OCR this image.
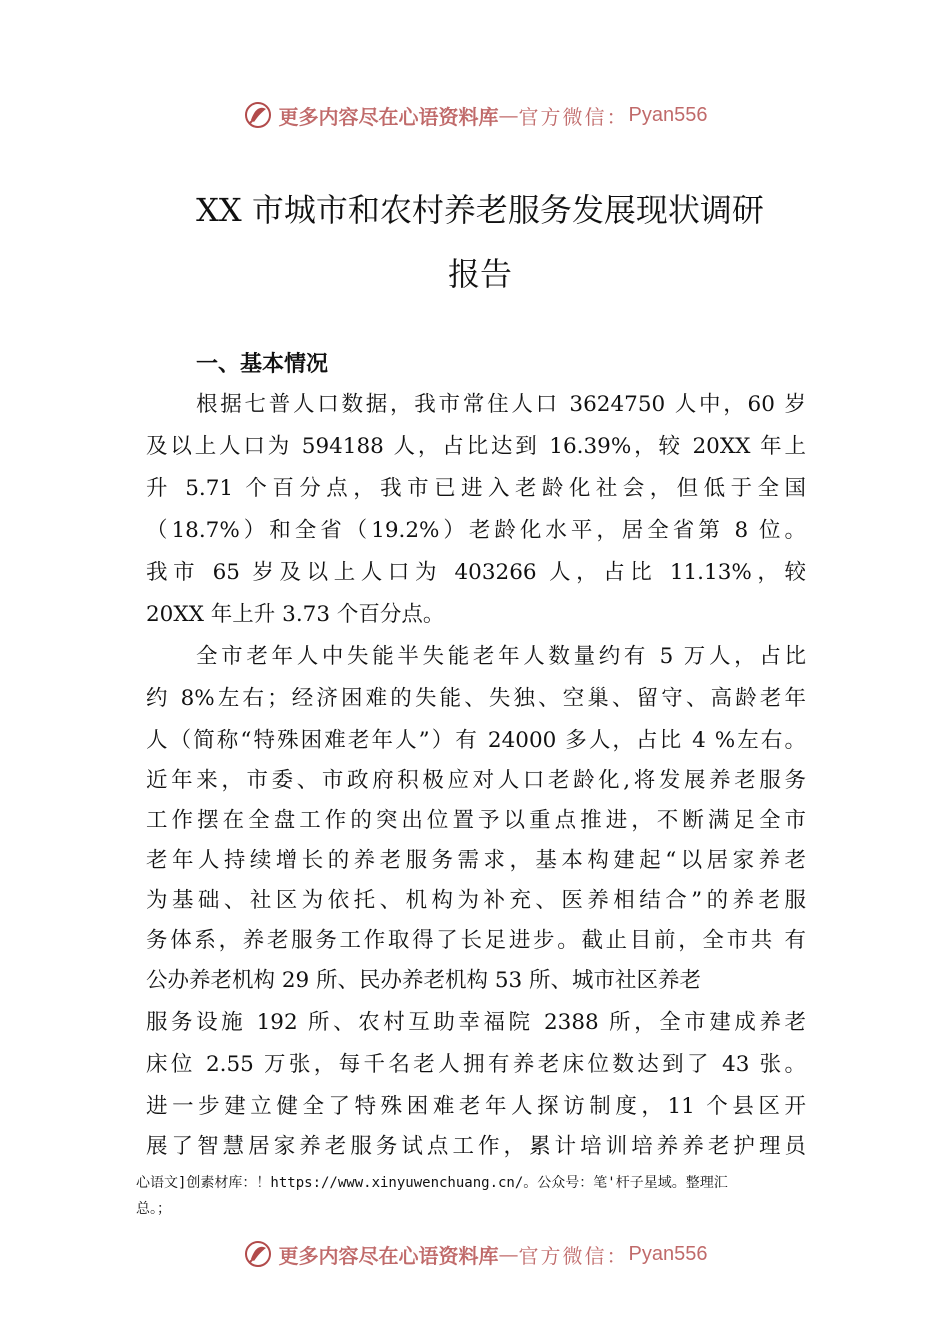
更多内容尽在心语资料库 — 官方微信： Pyan556
XX 市城市和农村养老服务发展现状调研
报告
一、基本情况
根据七普人口数据，我市常住人口 3624750 人中，60 岁
及以上人口为 594188 人，占比达到 16.39%，较 20XX 年上
升 5.71 个百分点，我市已进入老龄化社会，但低于全国
（18.7%）和全省（19.2%）老龄化水平，居全省第 8 位。
我市 65 岁及以上人口为 403266 人，占比 11.13%，较
20XX 年上升 3.73 个百分点。
全市老年人中失能半失能老年人数量约有 5 万人，占比
约 8%左右；经济困难的失能、失独、空巢、留守、高龄老年
人（简称“特殊困难老年人”）有 24000 多人，占比 4 %左右。
近年来，市委、市政府积极应对人口老龄化,将发展养老服务
工作摆在全盘工作的突出位置予以重点推进，不断满足全市
老年人持续增长的养老服务需求，基本构建起“以居家养老
为基础、社区为依托、机构为补充、医养相结合”的养老服
务体系，养老服务工作取得了长足进步。截止目前，全市共 有
公办养老机构 29 所、民办养老机构 53 所、城市社区养老
服务设施 192 所、农村互助幸福院 2388 所，全市建成养老
床位 2.55 万张，每千名老人拥有养老床位数达到了 43 张。
进一步建立健全了特殊困难老年人探访制度，11 个县区开
展了智慧居家养老服务试点工作，累计培训培养养老护理员
心语文]创素材库：！https://www.xinyuwenchuang.cn/。公众号：笔'杆子星域。整理汇
总。；
更多内容尽在心语资料库 — 官方微信： Pyan556
